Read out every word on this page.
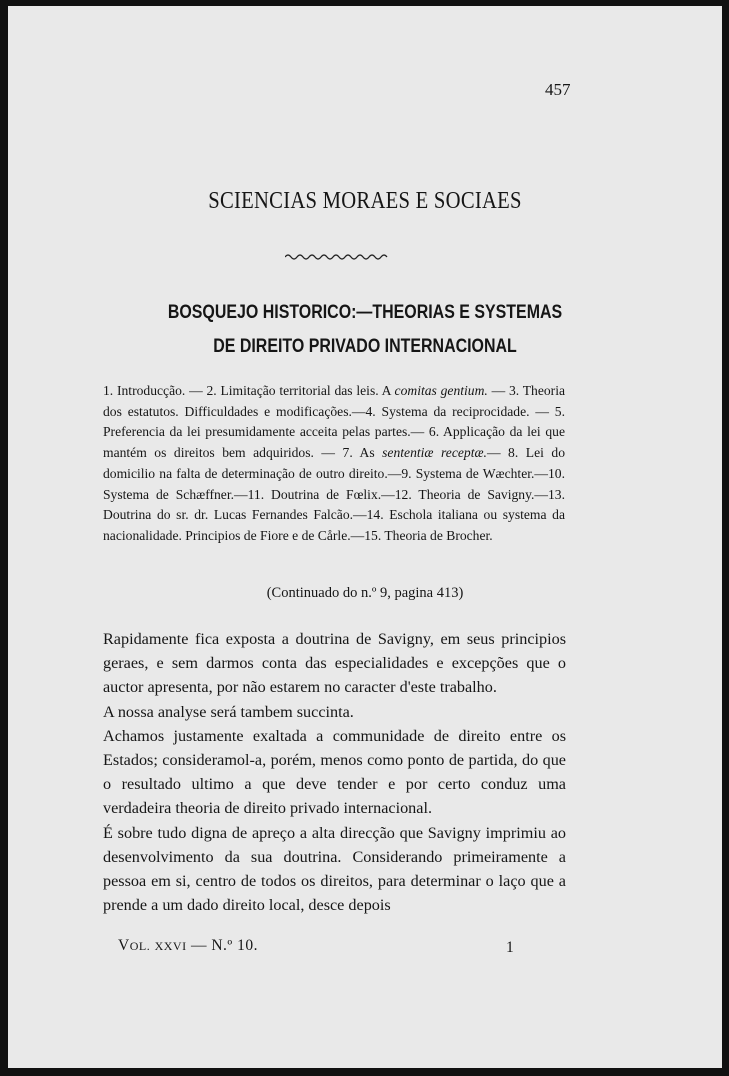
457
SCIENCIAS MORAES E SOCIAES
BOSQUEJO HISTORICO:—THEORIAS E SYSTEMAS
DE DIREITO PRIVADO INTERNACIONAL
1. Introducção. — 2. Limitação territorial das leis. A comitas gentium. — 3. Theoria dos estatutos. Difficuldades e modificações.—4. Systema da reciprocidade. — 5. Preferencia da lei presumidamente acceita pelas partes.— 6. Applicação da lei que mantém os direitos bem adquiridos. — 7. As sententiæ receptæ.— 8. Lei do domicilio na falta de determinação de outro direito.—9. Systema de Wæchter.—10. Systema de Schæffner.—11. Doutrina de Fœlix.—12. Theoria de Savigny.—13. Doutrina do sr. dr. Lucas Fernandes Falcão.—14. Eschola italiana ou systema da nacionalidade. Principios de Fiore e de Cårle.—15. Theoria de Brocher.
(Continuado do n.º 9, pagina 413)

Rapidamente fica exposta a doutrina de Savigny, em seus principios geraes, e sem darmos conta das especialidades e excepções que o auctor apresenta, por não estarem no caracter d'este trabalho.

A nossa analyse será tambem succinta.

Achamos justamente exaltada a communidade de direito entre os Estados; consideramol-a, porém, menos como ponto de partida, do que o resultado ultimo a que deve tender e por certo conduz uma verdadeira theoria de direito privado internacional.

É sobre tudo digna de apreço a alta direcção que Savigny imprimiu ao desenvolvimento da sua doutrina. Considerando primeiramente a pessoa em si, centro de todos os direitos, para determinar o laço que a prende a um dado direito local, desce depois

VOL. XXVI — N.º 10.	1
